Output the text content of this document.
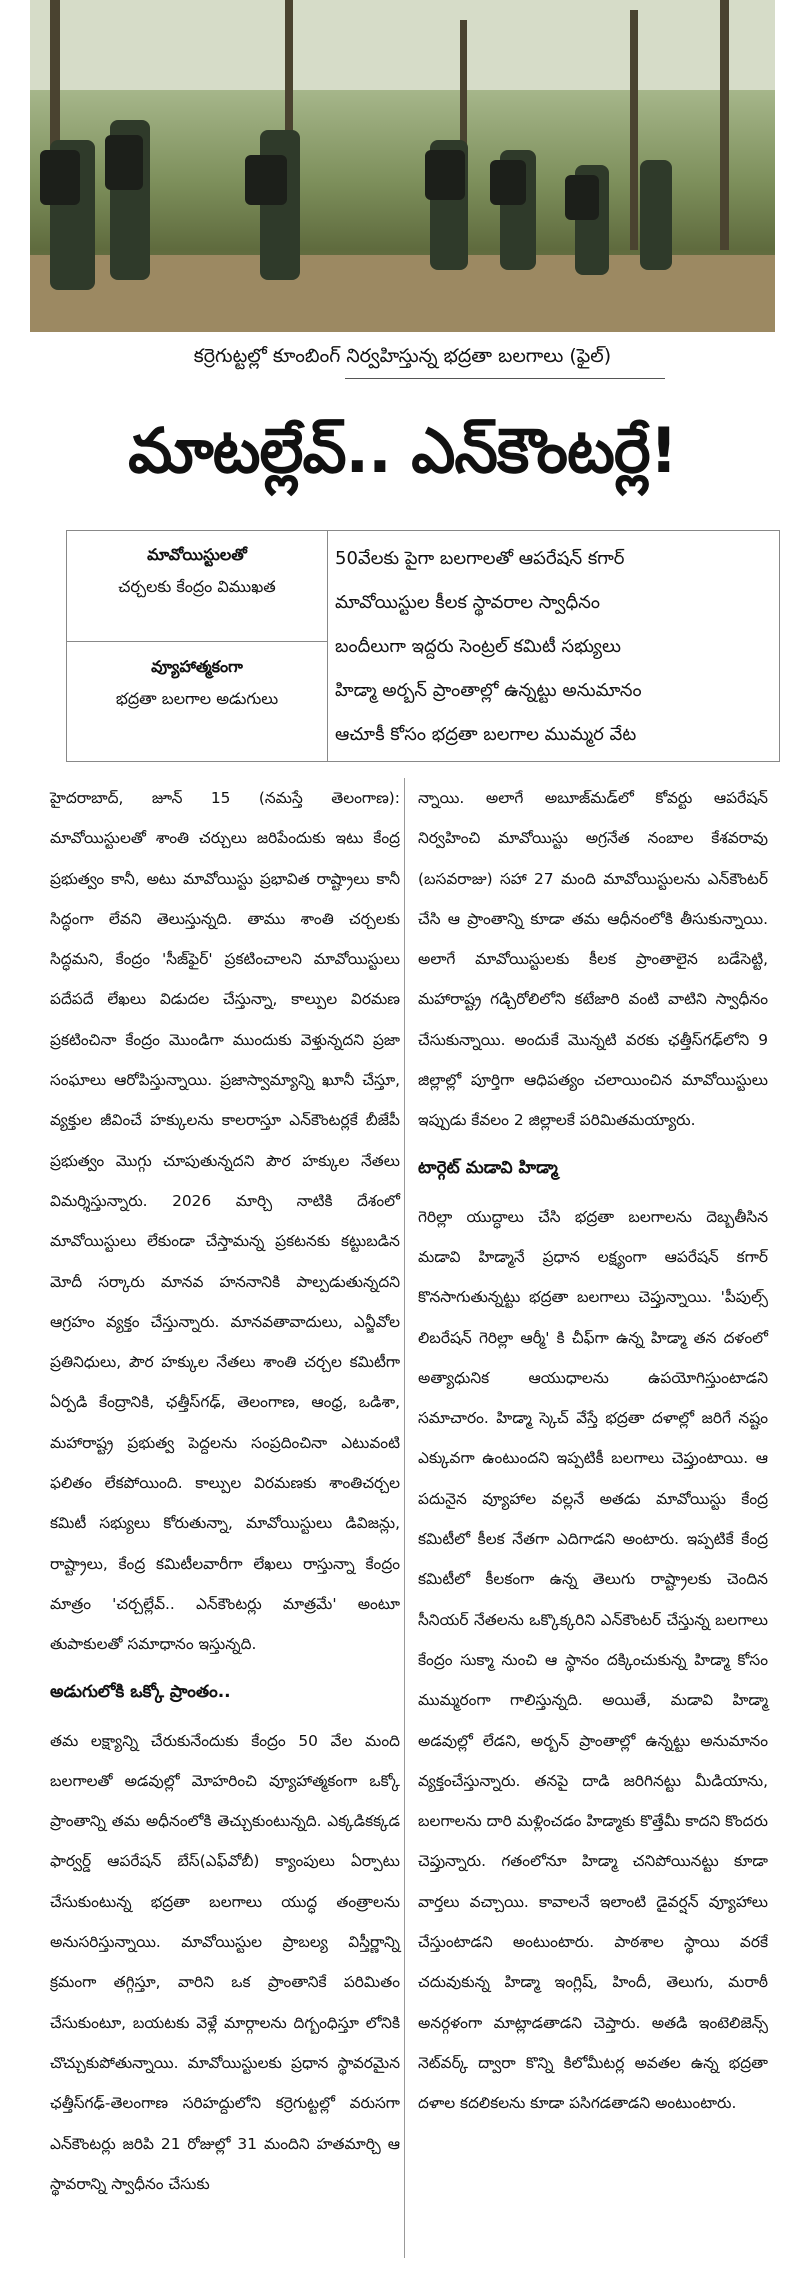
కర్రెగుట్టల్లో కూంబింగ్ నిర్వహిస్తున్న భద్రతా బలగాలు (ఫైల్)
మాటల్లేవ్.. ఎన్‌కౌంటర్లే!
మావోయిస్టులతో
చర్చలకు కేంద్రం విముఖత
వ్యూహాత్మకంగా
భద్రతా బలగాల అడుగులు
50వేలకు పైగా బలగాలతో ఆపరేషన్ కగార్
మావోయిస్టుల కీలక స్థావరాల స్వాధీనం
బందీలుగా ఇద్దరు సెంట్రల్ కమిటీ సభ్యులు
హిడ్మా అర్బన్ ప్రాంతాల్లో ఉన్నట్టు అనుమానం
ఆచూకీ కోసం భద్రతా బలగాల ముమ్మర వేట

హైదరాబాద్, జూన్ 15 (నమస్తే తెలంగాణ): మావోయిస్టులతో శాంతి చర్చులు జరిపేందుకు ఇటు కేంద్ర ప్రభుత్వం కానీ, అటు మావోయిస్టు ప్రభావిత రాష్ట్రాలు కానీ సిద్ధంగా లేవని తెలుస్తున్నది. తాము శాంతి చర్చలకు సిద్ధమని, కేంద్రం 'సీజ్‌ఫైర్' ప్రకటించాలని మావోయిస్టులు పదేపదే లేఖలు విడుదల చేస్తున్నా, కాల్పుల విరమణ ప్రకటించినా కేంద్రం మొండిగా ముందుకు వెళ్తున్నదని ప్రజా సంఘాలు ఆరోపిస్తున్నాయి. ప్రజాస్వామ్యాన్ని ఖూనీ చేస్తూ, వ్యక్తుల జీవించే హక్కులను కాలరాస్తూ ఎన్‌కౌంటర్లకే బీజేపీ ప్రభుత్వం మొగ్గు చూపుతున్నదని పౌర హక్కుల నేతలు విమర్శిస్తున్నారు. 2026 మార్చి నాటికి దేశంలో మావోయిస్టులు లేకుండా చేస్తామన్న ప్రకటనకు కట్టుబడిన మోదీ సర్కారు మానవ హననానికి పాల్పడుతున్నదని ఆగ్రహం వ్యక్తం చేస్తున్నారు. మానవతావాదులు, ఎన్జీవోల ప్రతినిధులు, పౌర హక్కుల నేతలు శాంతి చర్చల కమిటీగా ఏర్పడి కేంద్రానికి, ఛత్తీస్‌గఢ్, తెలంగాణ, ఆంధ్ర, ఒడిశా, మహారాష్ట్ర ప్రభుత్వ పెద్దలను సంప్రదించినా ఎటువంటి ఫలితం లేకపోయింది. కాల్పుల విరమణకు శాంతిచర్చల కమిటీ సభ్యులు కోరుతున్నా, మావోయిస్టులు డివిజన్లు, రాష్ట్రాలు, కేంద్ర కమిటీలవారీగా లేఖలు రాస్తున్నా కేంద్రం మాత్రం 'చర్చల్లేవ్.. ఎన్‌కౌంటర్లు మాత్రమే' అంటూ తుపాకులతో సమాధానం ఇస్తున్నది.

అడుగులోకి ఒక్కో ప్రాంతం..

తమ లక్ష్యాన్ని చేరుకునేందుకు కేంద్రం 50 వేల మంది బలగాలతో అడవుల్లో మోహరించి వ్యూహాత్మకంగా ఒక్కో ప్రాంతాన్ని తమ అధీనంలోకి తెచ్చుకుంటున్నది. ఎక్కడికక్కడ ఫార్వర్డ్ ఆపరేషన్ బేస్(ఎఫ్‌వోబీ) క్యాంపులు ఏర్పాటు చేసుకుంటున్న భద్రతా బలగాలు యుద్ధ తంత్రాలను అనుసరిస్తున్నాయి. మావోయిస్టుల ప్రాబల్య విస్తీర్ణాన్ని క్రమంగా తగ్గిస్తూ, వారిని ఒక ప్రాంతానికే పరిమితం చేసుకుంటూ, బయటకు వెళ్లే మార్గాలను దిగ్బంధిస్తూ లోనికి చొచ్చుకుపోతున్నాయి. మావోయిస్టులకు ప్రధాన స్థావరమైన ఛత్తీస్‌గఢ్-తెలంగాణ సరిహద్దులోని కర్రెగుట్టల్లో వరుసగా ఎన్‌కౌంటర్లు జరిపి 21 రోజుల్లో 31 మందిని హతమార్చి ఆ స్థావరాన్ని స్వాధీనం చేసుకు

న్నాయి. అలాగే అబూజ్‌మడ్‌లో కోవర్టు ఆపరేషన్ నిర్వహించి మావోయిస్టు అగ్రనేత నంబాల కేశవరావు (బసవరాజు) సహా 27 మంది మావోయిస్టులను ఎన్‌కౌంటర్ చేసి ఆ ప్రాంతాన్ని కూడా తమ ఆధీనంలోకి తీసుకున్నాయి. అలాగే మావోయిస్టులకు కీలక ప్రాంతాలైన బడేసెట్టి, మహారాష్ట్ర గడ్చిరోలిలోని కటేజారి వంటి వాటిని స్వాధీనం చేసుకున్నాయి. అందుకే మొన్నటి వరకు ఛత్తీస్‌గఢ్‌లోని 9 జిల్లాల్లో పూర్తిగా ఆధిపత్యం చలాయించిన మావోయిస్టులు ఇప్పుడు కేవలం 2 జిల్లాలకే పరిమితమయ్యారు.

టార్గెట్ మడావి హిడ్మా

గెరిల్లా యుద్ధాలు చేసి భద్రతా బలగాలను దెబ్బతీసిన మడావి హిడ్మానే ప్రధాన లక్ష్యంగా ఆపరేషన్ కగార్ కొనసాగుతున్నట్టు భద్రతా బలగాలు చెప్తున్నాయి. 'పీపుల్స్ లిబరేషన్ గెరిల్లా ఆర్మీ' కి చీఫ్‌గా ఉన్న హిడ్మా తన దళంలో అత్యాధునిక ఆయుధాలను ఉపయోగిస్తుంటాడని సమాచారం. హిడ్మా స్కెచ్ వేస్తే భద్రతా దళాల్లో జరిగే నష్టం ఎక్కువగా ఉంటుందని ఇప్పటికీ బలగాలు చెప్తుంటాయి. ఆ పదునైన వ్యూహాల వల్లనే అతడు మావోయిస్టు కేంద్ర కమిటీలో కీలక నేతగా ఎదిగాడని అంటారు. ఇప్పటికే కేంద్ర కమిటీలో కీలకంగా ఉన్న తెలుగు రాష్ట్రాలకు చెందిన సీనియర్ నేతలను ఒక్కొక్కరిని ఎన్‌కౌంటర్ చేస్తున్న బలగాలు కేంద్రం సుక్మా నుంచి ఆ స్థానం దక్కించుకున్న హిడ్మా కోసం ముమ్మరంగా గాలిస్తున్నది. అయితే, మడావి హిడ్మా అడవుల్లో లేడని, అర్బన్ ప్రాంతాల్లో ఉన్నట్టు అనుమానం వ్యక్తంచేస్తున్నారు. తనపై దాడి జరిగినట్టు మీడియాను, బలగాలను దారి మళ్లించడం హిడ్మాకు కొత్తేమీ కాదని కొందరు చెప్తున్నారు. గతంలోనూ హిడ్మా చనిపోయినట్టు కూడా వార్తలు వచ్చాయి. కావాలనే ఇలాంటి డైవర్షన్ వ్యూహాలు చేస్తుంటాడని అంటుంటారు. పాఠశాల స్థాయి వరకే చదువుకున్న హిడ్మా ఇంగ్లిష్, హిందీ, తెలుగు, మరాఠీ అనర్గళంగా మాట్లాడతాడని చెప్తారు. అతడి ఇంటెలిజెన్స్ నెట్‌వర్క్ ద్వారా కొన్ని కిలోమీటర్ల అవతల ఉన్న భద్రతా దళాల కదలికలను కూడా పసిగడతాడని అంటుంటారు.
